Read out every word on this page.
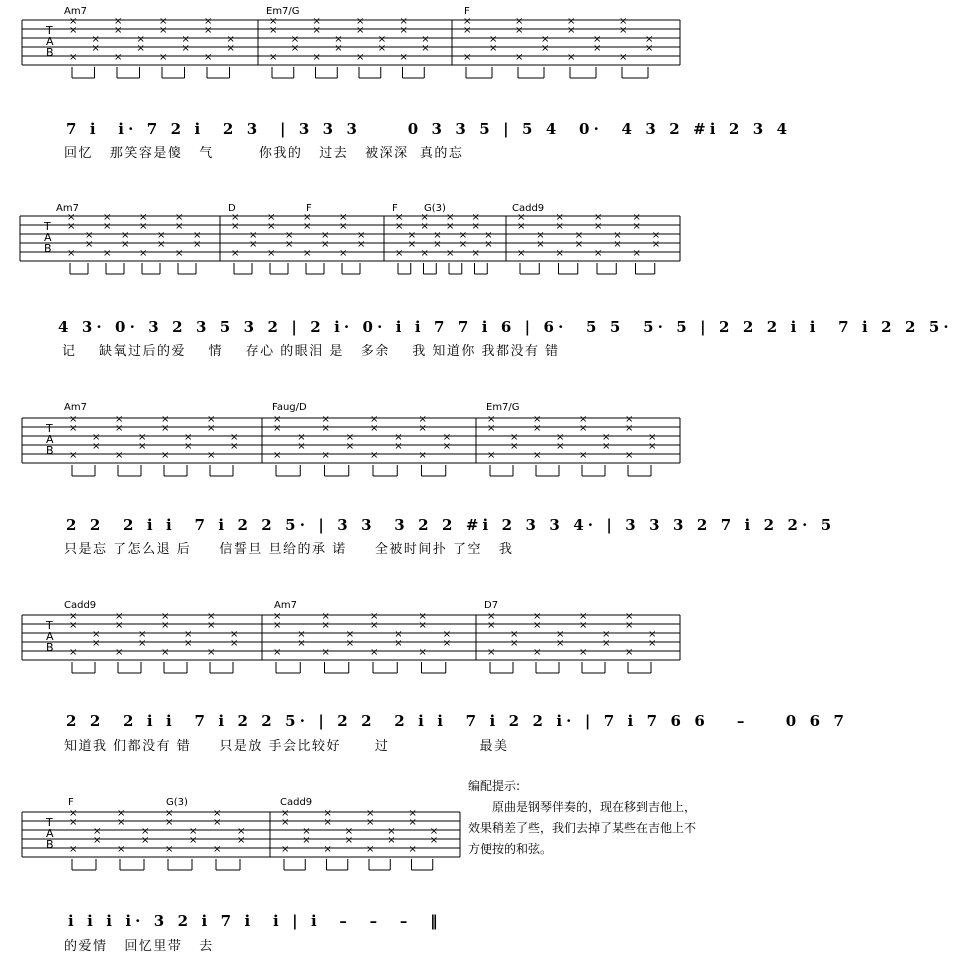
T
A
B
×
×
×
×
×
×
×
×
×
×
×
×
×
×
×
×
×
×
×
×
×
×
×
×
×
×
×
×
×
×
×
×
×
×
×
×
×
×
×
×
×
×
×
×
×
×
×
×
×
×
×
×
×
×
×
×
×
×
×
×
Am7	Em7/G	F
7 i  i· 7 2 i  2 3  | 3 3 3     0 3 3 5 | 5 4  0·  4 3 2 #i 2 3 4
回忆   那笑容是傻   气        你我的   过去   被深深  真的忘
T
A
B
×
×
×
×
×
×
×
×
×
×
×
×
×
×
×
×
×
×
×
×
×
×
×
×
×
×
×
×
×
×
×
×
×
×
×
×
×
×
×
×
×
×
×
×
×
×
×
×
×
×
×
×
×
×
×
×
×
×
×
×
×
×
×
×
×
×
×
×
×
×
×
×
×
×
×
×
×
×
×
×
Am7	D	F	F	G(3)	Cadd9
4 3· 0· 3 2 3 5 3 2 | 2 i· 0· i i 7 7 i 6 | 6·  5 5  5· 5 | 2 2 2 i i  7 i 2 2 5·
记    缺氧过后的爱    情    存心 的眼泪 是   多余    我 知道你 我都没有 错
T
A
B
×
×
×
×
×
×
×
×
×
×
×
×
×
×
×
×
×
×
×
×
×
×
×
×
×
×
×
×
×
×
×
×
×
×
×
×
×
×
×
×
×
×
×
×
×
×
×
×
×
×
×
×
×
×
×
×
×
×
×
×
Am7	Faug/D	Em7/G
2 2  2 i i  7 i 2 2 5· | 3 3  3 2 2 #i 2 3 3 4· | 3 3 3 2 7 i 2 2· 5
只是忘 了怎么退 后     信誓旦 旦给的承 诺     全被时间扑 了空   我
T
A
B
×
×
×
×
×
×
×
×
×
×
×
×
×
×
×
×
×
×
×
×
×
×
×
×
×
×
×
×
×
×
×
×
×
×
×
×
×
×
×
×
×
×
×
×
×
×
×
×
×
×
×
×
×
×
×
×
×
×
×
×
Cadd9	Am7	D7
2 2  2 i i  7 i 2 2 5· | 2 2  2 i i  7 i 2 2 i· | 7 i 7 6 6   –    0 6 7
知道我 们都没有 错     只是放 手会比较好      过                最美
T
A
B
×
×
×
×
×
×
×
×
×
×
×
×
×
×
×
×
×
×
×
×
×
×
×
×
×
×
×
×
×
×
×
×
×
×
×
×
×
×
×
×
F	G(3)	Cadd9
i i i i· 3 2 i 7 i  i | i  –  –  –  ‖
的爱情   回忆里带   去

编配提示:

原曲是钢琴伴奏的，现在移到吉他上，效果稍差了些，我们去掉了某些在吉他上不方便按的和弦。
